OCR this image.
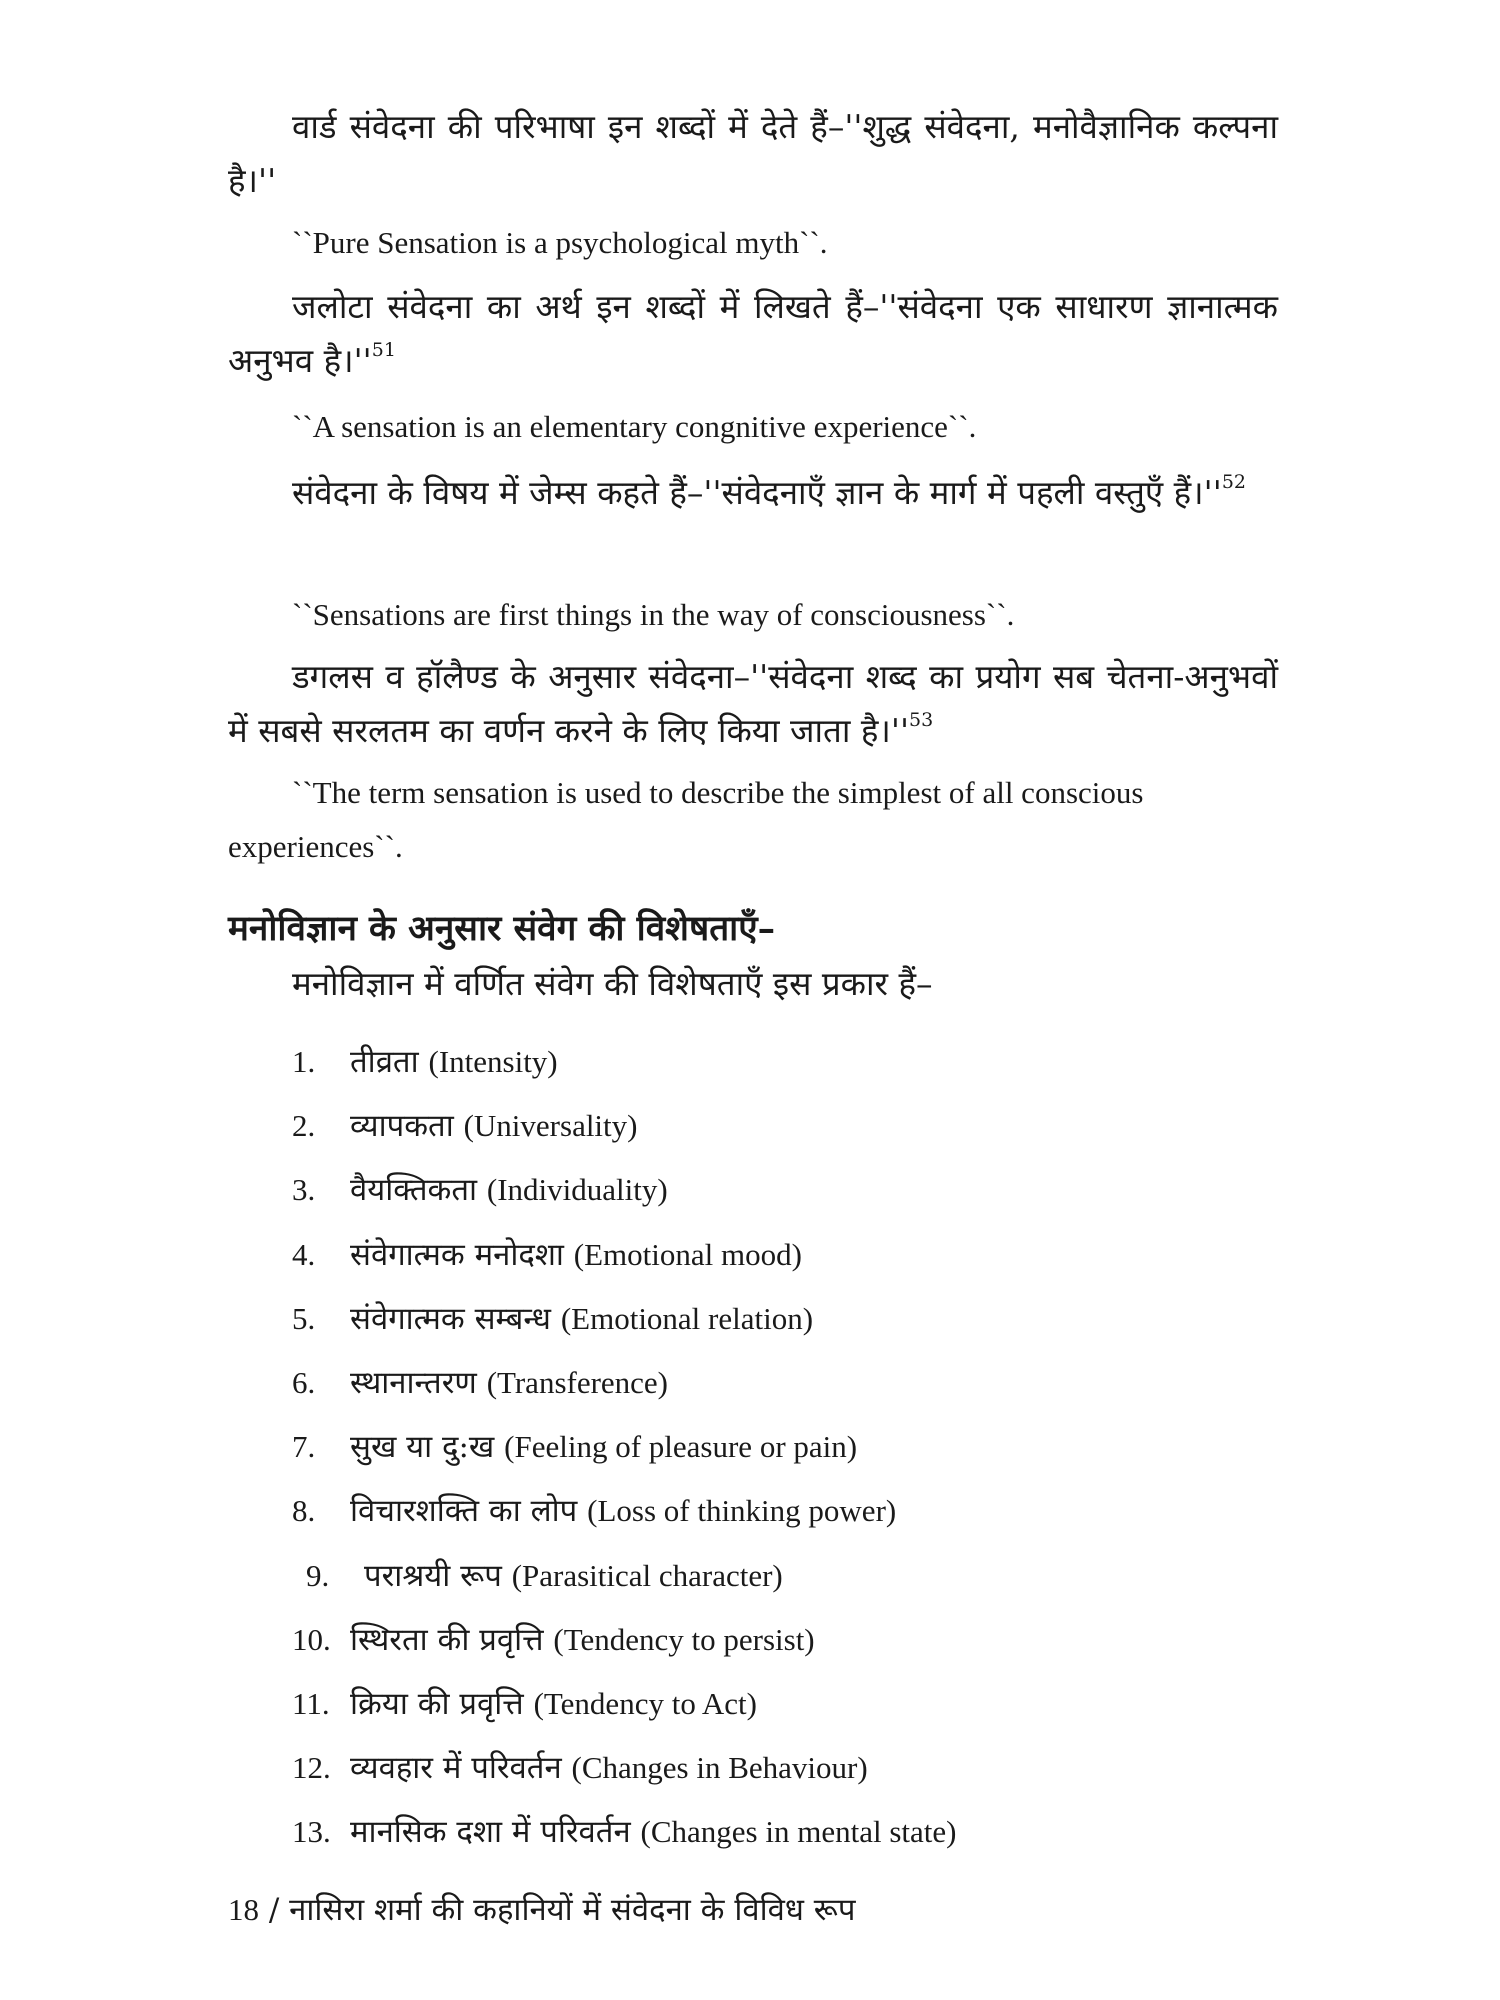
वार्ड संवेदना की परिभाषा इन शब्दों में देते हैं–''शुद्ध संवेदना, मनोवैज्ञानिक कल्पना है।''

``Pure Sensation is a psychological myth``.

जलोटा संवेदना का अर्थ इन शब्दों में लिखते हैं–''संवेदना एक साधारण ज्ञानात्मक अनुभव $है।''^{51}$

``A sensation is an elementary congnitive experience``.

संवेदना के विषय में जेम्स कहते हैं–''संवेदनाएँ ज्ञान के मार्ग में पहली वस्तुएँ $हैं।''^{52}$

``Sensations are first things in the way of consciousness``.

डगलस व हॉलैण्ड के अनुसार संवेदना–''संवेदना शब्द का प्रयोग सब चेतना-अनुभवों में सबसे सरलतम का वर्णन करने के लिए किया जाता $है।''^{53}$

``The term sensation is used to describe the simplest of all conscious experiences``.

मनोविज्ञान के अनुसार संवेग की विशेषताएँ–

मनोविज्ञान में वर्णित संवेग की विशेषताएँ इस प्रकार हैं–

1. तीव्रता (Intensity)
2. व्यापकता (Universality)
3. वैयक्तिकता (Individuality)
4. संवेगात्मक मनोदशा (Emotional mood)
5. संवेगात्मक सम्बन्ध (Emotional relation)
6. स्थानान्तरण (Transference)
7. सुख या दु:ख (Feeling of pleasure or pain)
8. विचारशक्ति का लोप (Loss of thinking power)
9. पराश्रयी रूप (Parasitical character)
10. स्थिरता की प्रवृत्ति (Tendency to persist)
11. क्रिया की प्रवृत्ति (Tendency to Act)
12. व्यवहार में परिवर्तन (Changes in Behaviour)
13. मानसिक दशा में परिवर्तन (Changes in mental state)

18 / नासिरा शर्मा की कहानियों में संवेदना के विविध रूप
